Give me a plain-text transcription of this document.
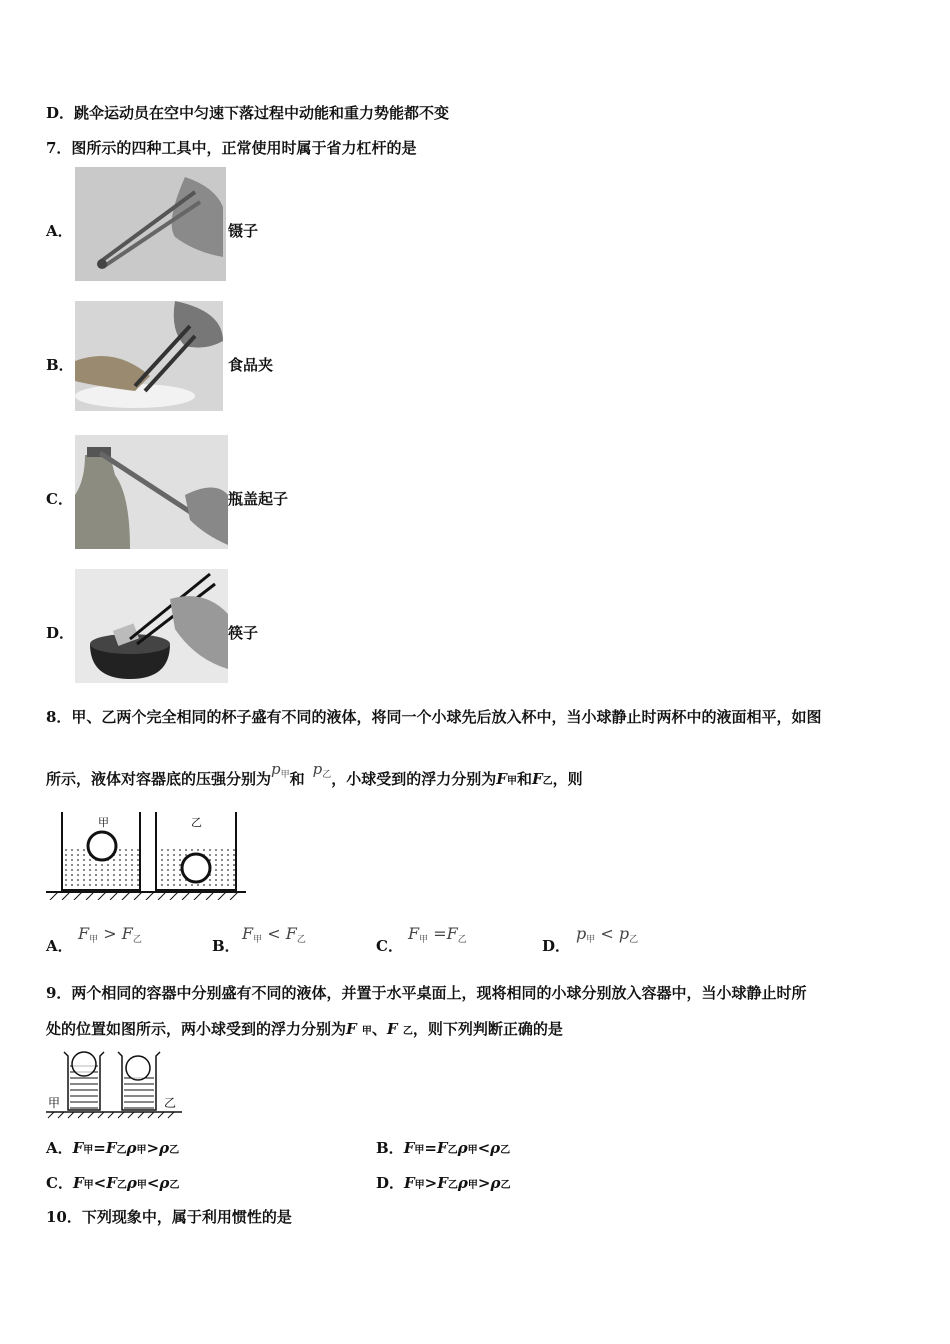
D．跳伞运动员在空中匀速下落过程中动能和重力势能都不变
7．图所示的四种工具中，正常使用时属于省力杠杆的是
A．	镊子
B．	食品夹
C．	瓶盖起子
D．	筷子
8．甲、乙两个完全相同的杯子盛有不同的液体，将同一个小球先后放入杯中，当小球静止时两杯中的液面相平，如图
所示，液体对容器底的压强分别为$p_甲$和$p_乙$，小球受到的浮力分别为F甲和F乙，则
甲	乙
A．
F甲 > F乙	B．
F甲 < F乙	C．
F甲 =F乙	D．
p甲 < p乙
9．两个相同的容器中分别盛有不同的液体，并置于水平桌面上，现将相同的小球分别放入容器中，当小球静止时所
处的位置如图所示，两小球受到的浮力分别为F 甲、F 乙，则下列判断正确的是
甲	乙
A．F甲=F乙ρ甲>ρ乙	B．F甲=F乙ρ甲<ρ乙
C．F甲<F乙ρ甲<ρ乙	D．F甲>F乙ρ甲>ρ乙
10．下列现象中，属于利用惯性的是
